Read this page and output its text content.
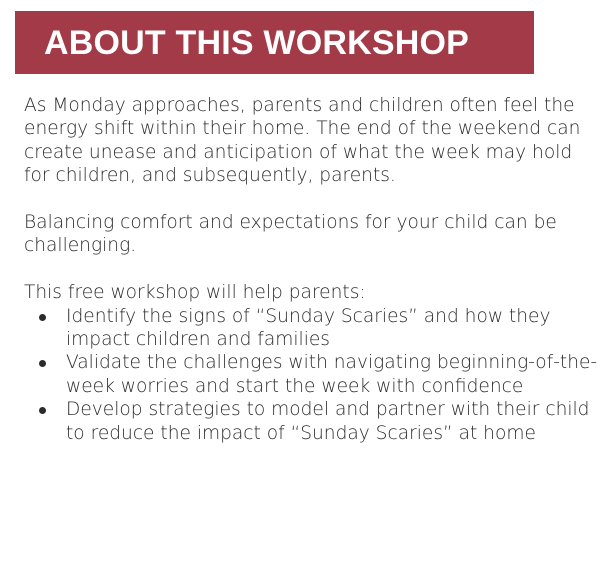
ABOUT THIS WORKSHOP

As Monday approaches, parents and children often feel the energy shift within their home. The end of the weekend can create unease and anticipation of what the week may hold for children, and subsequently, parents.

Balancing comfort and expectations for your child can be challenging.

This free workshop will help parents:

Identify the signs of “Sunday Scaries” and how they impact children and families
Validate the challenges with navigating beginning-of-the-week worries and start the week with confidence
Develop strategies to model and partner with their child to reduce the impact of “Sunday Scaries” at home
